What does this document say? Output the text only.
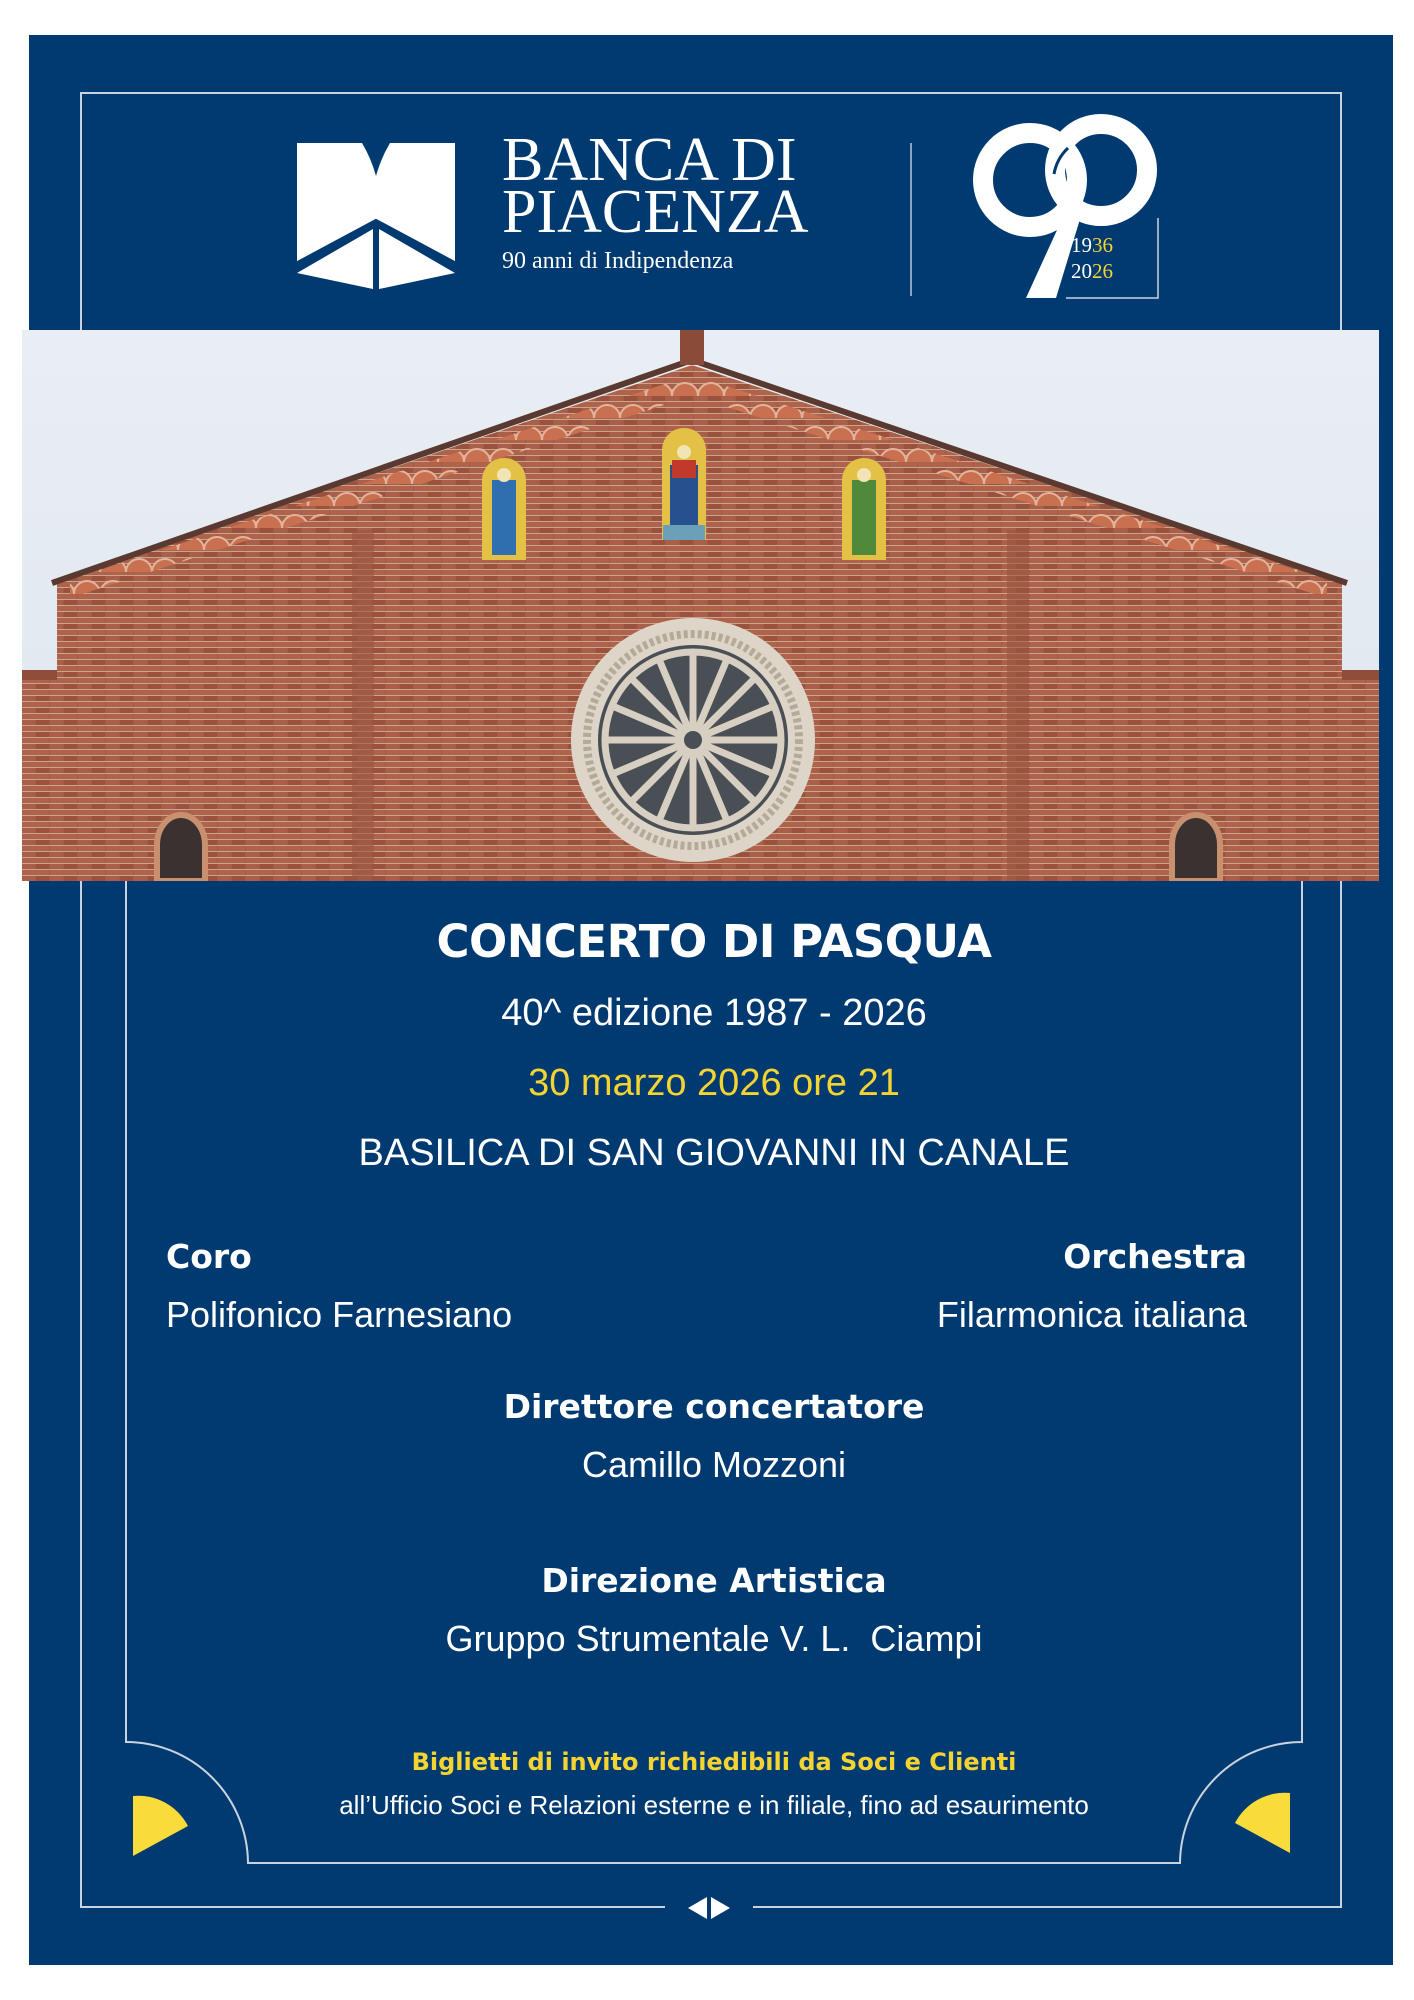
BANCA DI
PIACENZA
90 anni di Indipendenza
1936
2026
CONCERTO DI PASQUA
40^ edizione 1987 - 2026
30 marzo 2026 ore 21
BASILICA DI SAN GIOVANNI IN CANALE
Coro
Polifonico Farnesiano
Orchestra
Filarmonica italiana
Direttore concertatore
Camillo Mozzoni
Direzione Artistica
Gruppo Strumentale V. L.  Ciampi
Biglietti di invito richiedibili da Soci e Clienti
all’Ufficio Soci e Relazioni esterne e in filiale, fino ad esaurimento
